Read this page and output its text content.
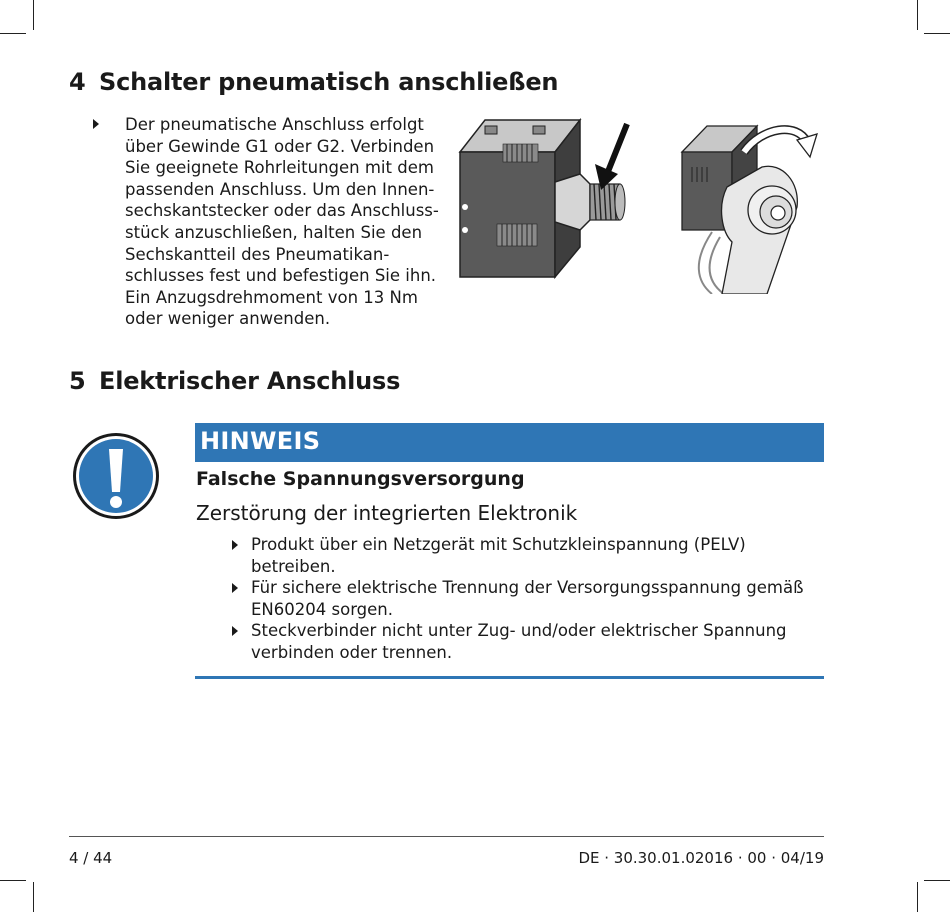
4 Schalter pneumatisch anschließen
Der pneumatische Anschluss erfolgt
über Gewinde G1 oder G2. Verbinden
Sie geeignete Rohrleitungen mit dem
passenden Anschluss. Um den Innen-
sechskantstecker oder das Anschluss-
stück anzuschließen, halten Sie den
Sechskantteil des Pneumatikan-
schlusses fest und befestigen Sie ihn.
Ein Anzugsdrehmoment von 13 Nm
oder weniger anwenden.
5 Elektrischer Anschluss
HINWEIS
Falsche Spannungsversorgung
Zerstörung der integrierten Elektronik
Produkt über ein Netzgerät mit Schutzkleinspannung (PELV)
betreiben.
Für sichere elektrische Trennung der Versorgungsspannung gemäß
EN60204 sorgen.
Steckverbinder nicht unter Zug- und/oder elektrischer Spannung
verbinden oder trennen.
4 / 44	DE · 30.30.01.02016 · 00 · 04/19
